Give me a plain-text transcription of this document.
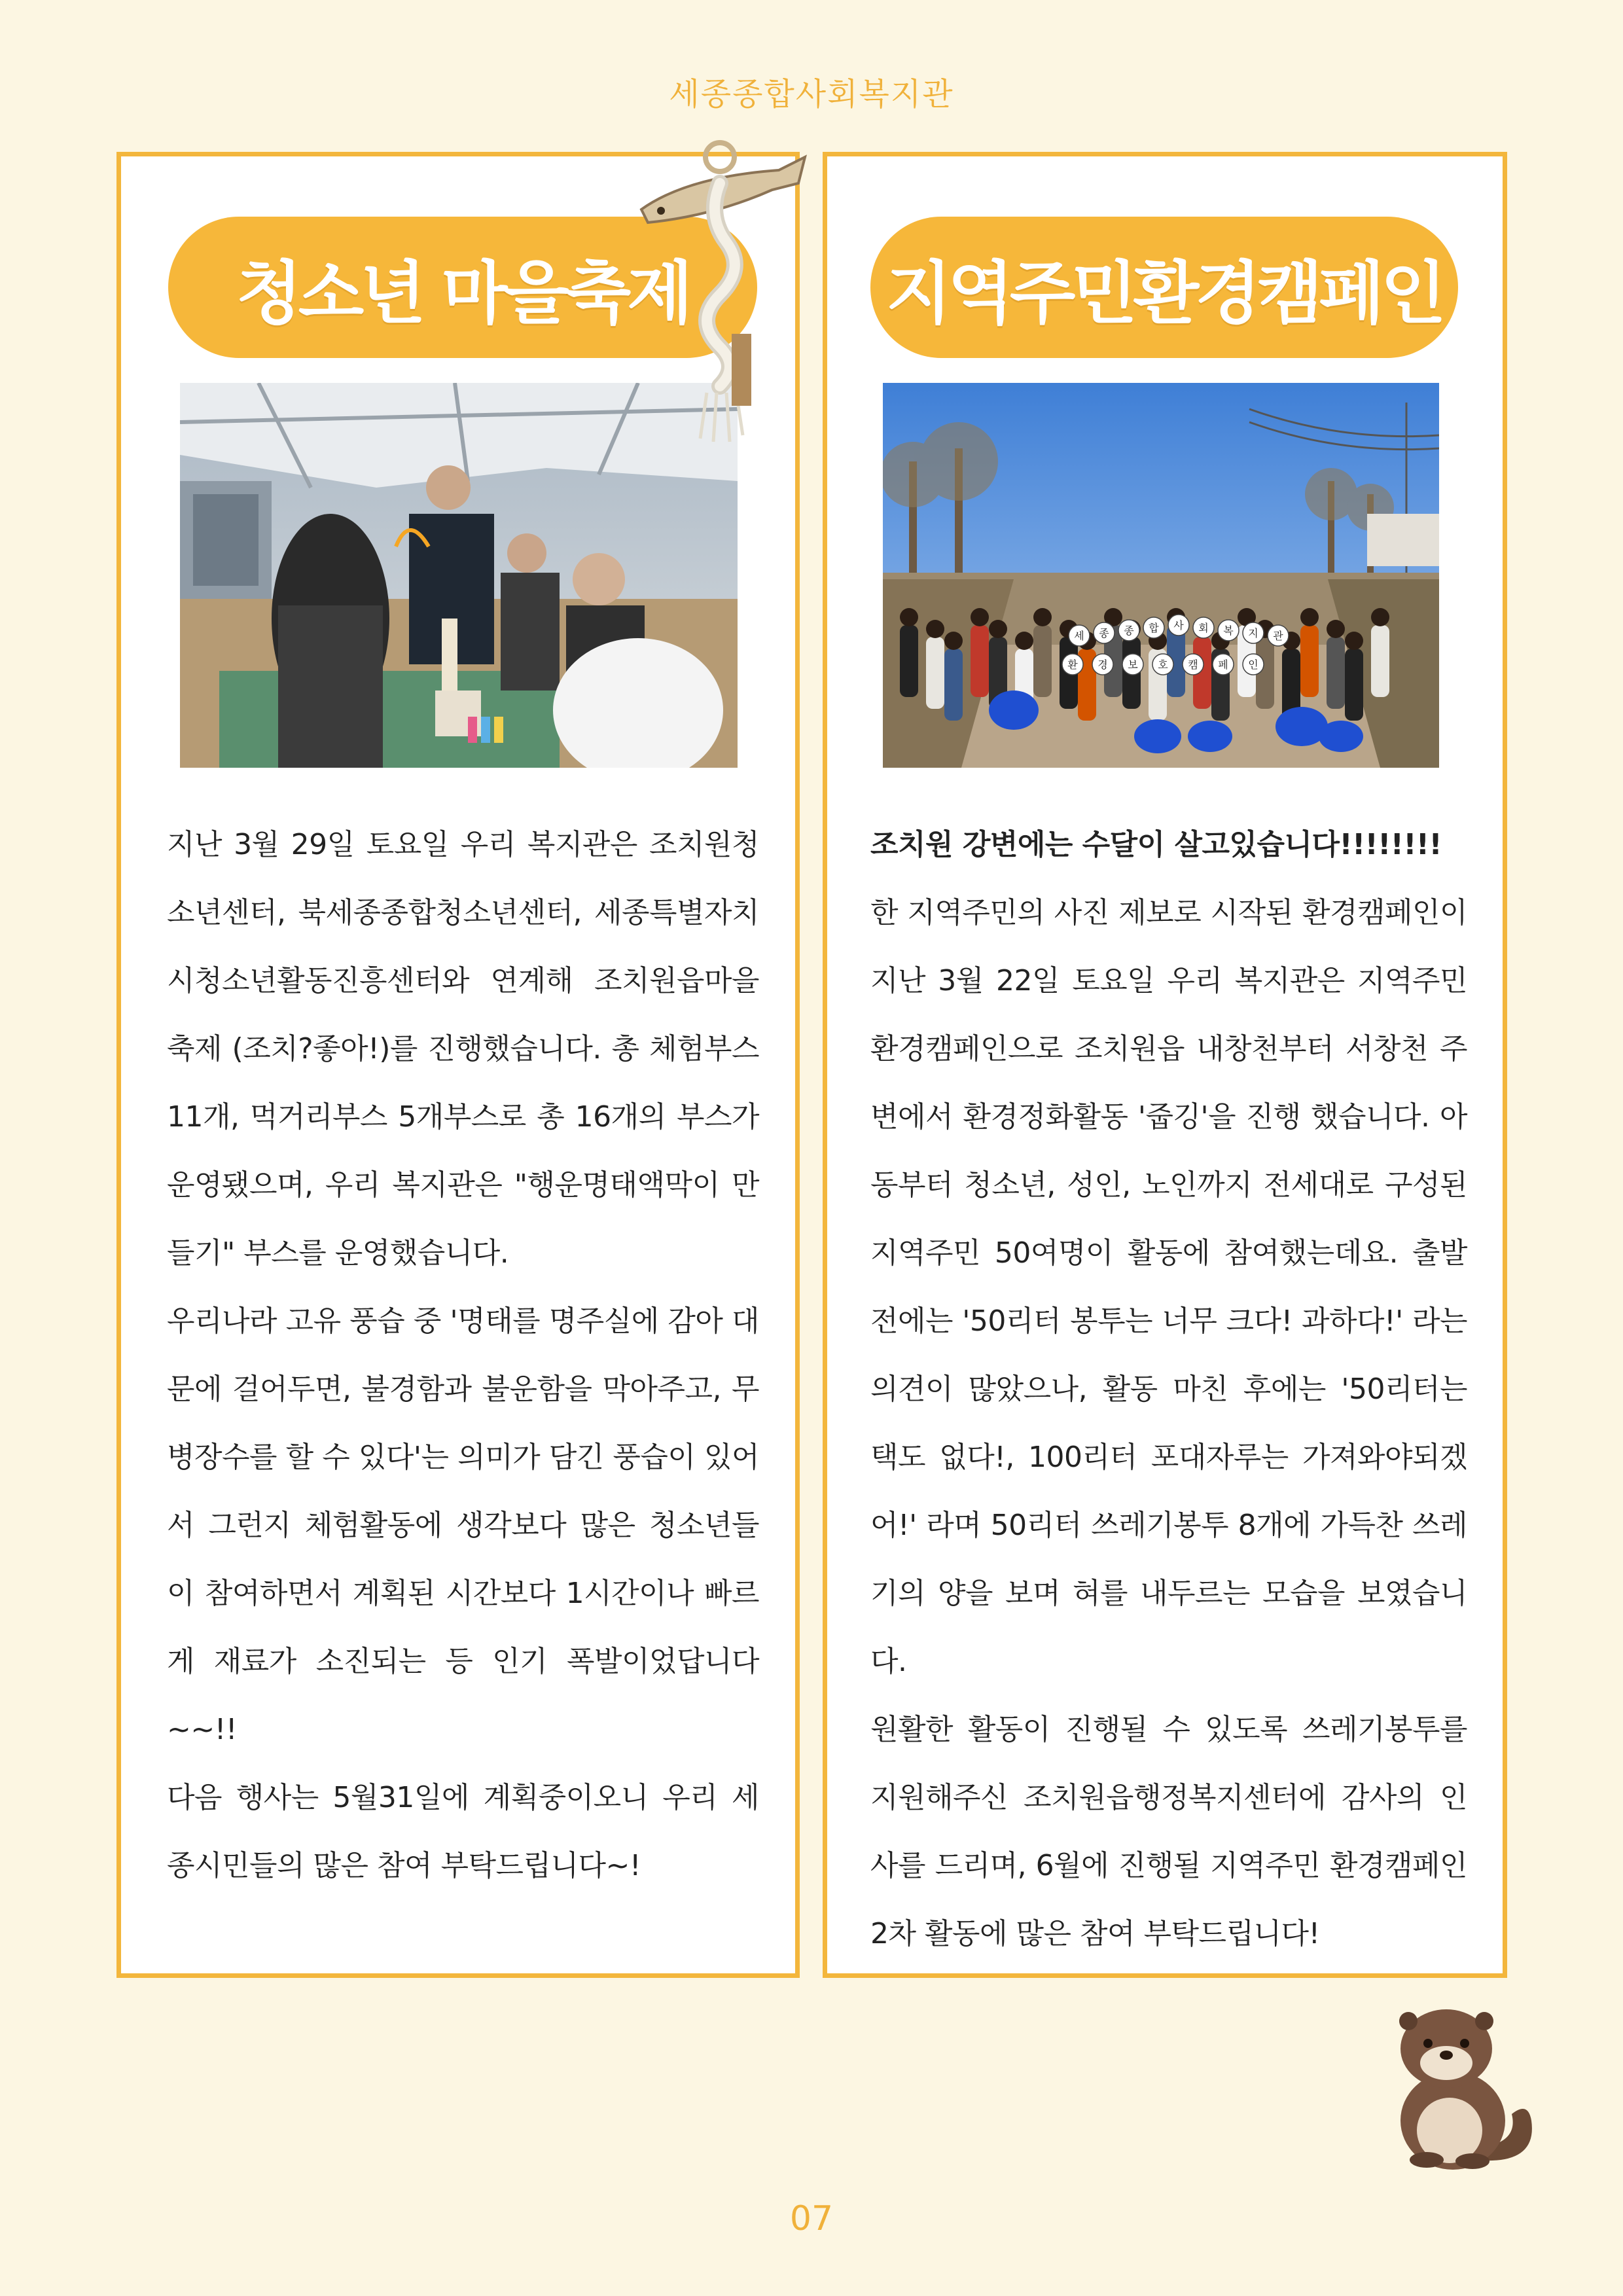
세종종합사회복지관
청소년 마을축제

지난 3월 29일 토요일 우리 복지관은 조치원청소년센터, 북세종종합청소년센터, 세종특별자치시청소년활동진흥센터와 연계해 조치원읍마을축제 (조치?좋아!)를 진행했습니다. 총 체험부스 11개, 먹거리부스 5개부스로 총 16개의 부스가 운영됐으며, 우리 복지관은 "행운명태액막이 만들기" 부스를 운영했습니다.

우리나라 고유 풍습 중 '명태를 명주실에 감아 대문에 걸어두면, 불경함과 불운함을 막아주고, 무병장수를 할 수 있다'는 의미가 담긴 풍습이 있어서 그런지 체험활동에 생각보다 많은 청소년들이 참여하면서 계획된 시간보다 1시간이나 빠르게 재료가 소진되는 등 인기 폭발이었답니다~~!!

다음 행사는 5월31일에 계획중이오니 우리 세종시민들의 많은 참여 부탁드립니다~!

지역주민환경캠페인
세 종 종 합 사 회 복 지 관
환 경 보 호 캠 페 인

조치원 강변에는 수달이 살고있습니다!!!!!!!!

한 지역주민의 사진 제보로 시작된 환경캠페인이 지난 3월 22일 토요일 우리 복지관은 지역주민 환경캠페인으로 조치원읍 내창천부터 서창천 주변에서 환경정화활동 '줍깅'을 진행 했습니다. 아동부터 청소년, 성인, 노인까지 전세대로 구성된 지역주민 50여명이 활동에 참여했는데요. 출발 전에는 '50리터 봉투는 너무 크다! 과하다!' 라는 의견이 많았으나, 활동 마친 후에는 '50리터는 택도 없다!, 100리터 포대자루는 가져와야되겠어!' 라며 50리터 쓰레기봉투 8개에 가득찬 쓰레기의 양을 보며 혀를 내두르는 모습을 보였습니다.

원활한 활동이 진행될 수 있도록 쓰레기봉투를 지원해주신 조치원읍행정복지센터에 감사의 인사를 드리며, 6월에 진행될 지역주민 환경캠페인 2차 활동에 많은 참여 부탁드립니다!

07
